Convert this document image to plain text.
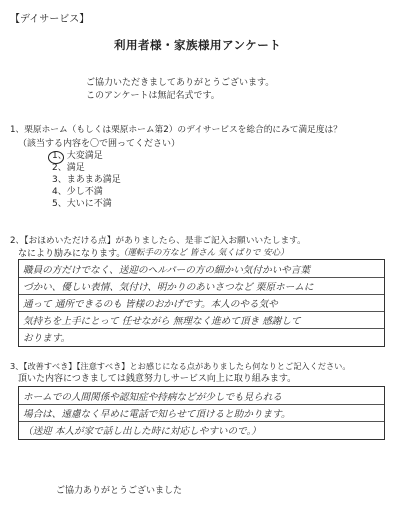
【デイサービス】
利用者様・家族様用アンケート
ご協力いただきましてありがとうございます。
このアンケートは無記名式です。
1、栗原ホーム（もしくは栗原ホーム第2）のデイサービスを総合的にみて満足度は？
（該当する内容を〇で囲ってください）
1、大変満足
2、満足
3、まあまあ満足
4、少し不満
5、大いに不満
2、【おほめいただける点】がありましたら、是非ご記入お願いいたします。
なにより励みになります。
（運転手の方など 皆さん 気くばりで 安心）
職員の方だけでなく、送迎のヘルパーの方の細かい気付かいや言葉
づかい、優しい表情、気付け、明かりのあいさつなど 栗原ホームに
通って 通所できるのも 皆様のおかげです。本人のやる気や
気持ちを上手にとって 任せながら 無理なく進めて頂き 感謝して
おります。
3、【改善すべき】【注意すべき】とお感じになる点がありましたら何なりとご記入ください。
頂いた内容につきましては銭意努力しサービス向上に取り組みます。
ホームでの人間関係や認知症や持病などが少しでも見られる
場合は、遠慮なく早めに電話で知らせて頂けると助かります。
（送迎 本人が家で話し出した時に対応しやすいので。）
ご協力ありがとうございました
